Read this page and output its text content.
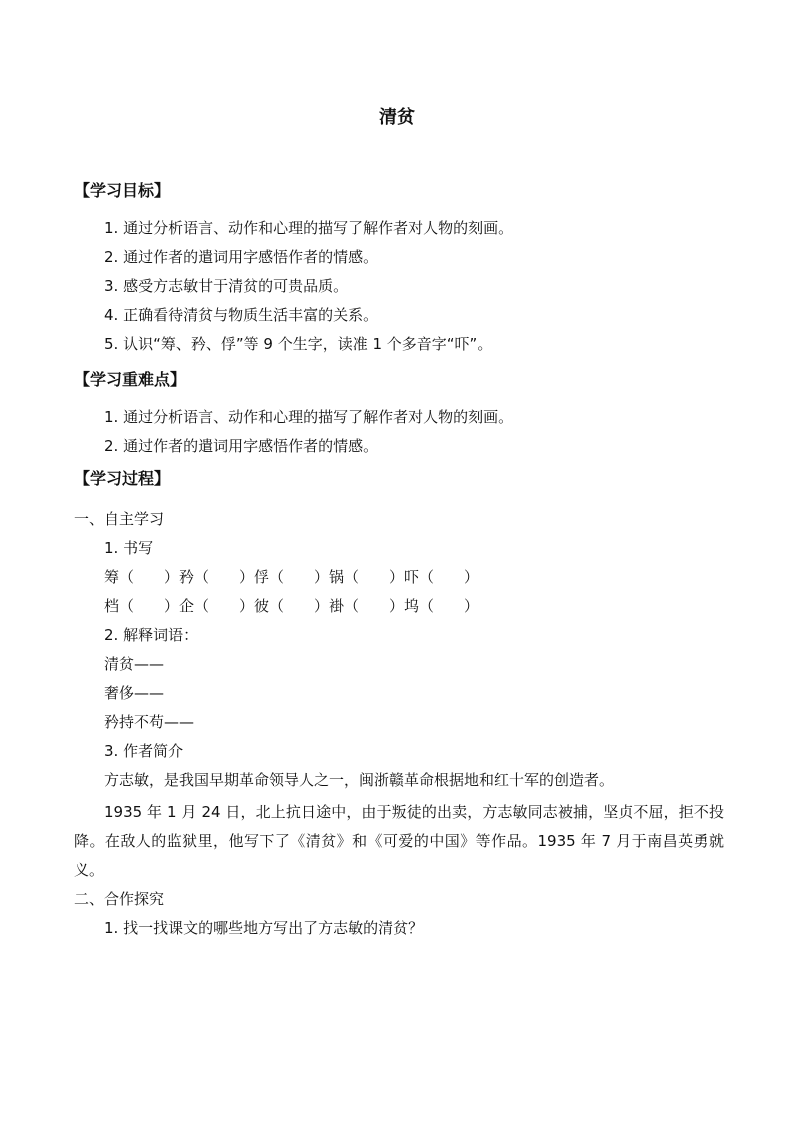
清贫
【学习目标】
1. 通过分析语言、动作和心理的描写了解作者对人物的刻画。
2. 通过作者的遣词用字感悟作者的情感。
3. 感受方志敏甘于清贫的可贵品质。
4. 正确看待清贫与物质生活丰富的关系。
5. 认识“筹、矜、俘”等 9 个生字，读准 1 个多音字“吓”。
【学习重难点】
1. 通过分析语言、动作和心理的描写了解作者对人物的刻画。
2. 通过作者的遣词用字感悟作者的情感。
【学习过程】
一、自主学习
1. 书写
筹（　　）矜（　　）俘（　　）锅（　　）吓（　　）
档（　　）企（　　）彼（　　）褂（　　）坞（　　）
2. 解释词语：
清贫——
奢侈——
矜持不苟——
3. 作者简介
方志敏，是我国早期革命领导人之一，闽浙赣革命根据地和红十军的创造者。
1935 年 1 月 24 日，北上抗日途中，由于叛徒的出卖，方志敏同志被捕，坚贞不屈，拒不投降。在敌人的监狱里，他写下了《清贫》和《可爱的中国》等作品。1935 年 7 月于南昌英勇就义。
二、合作探究
1. 找一找课文的哪些地方写出了方志敏的清贫？
